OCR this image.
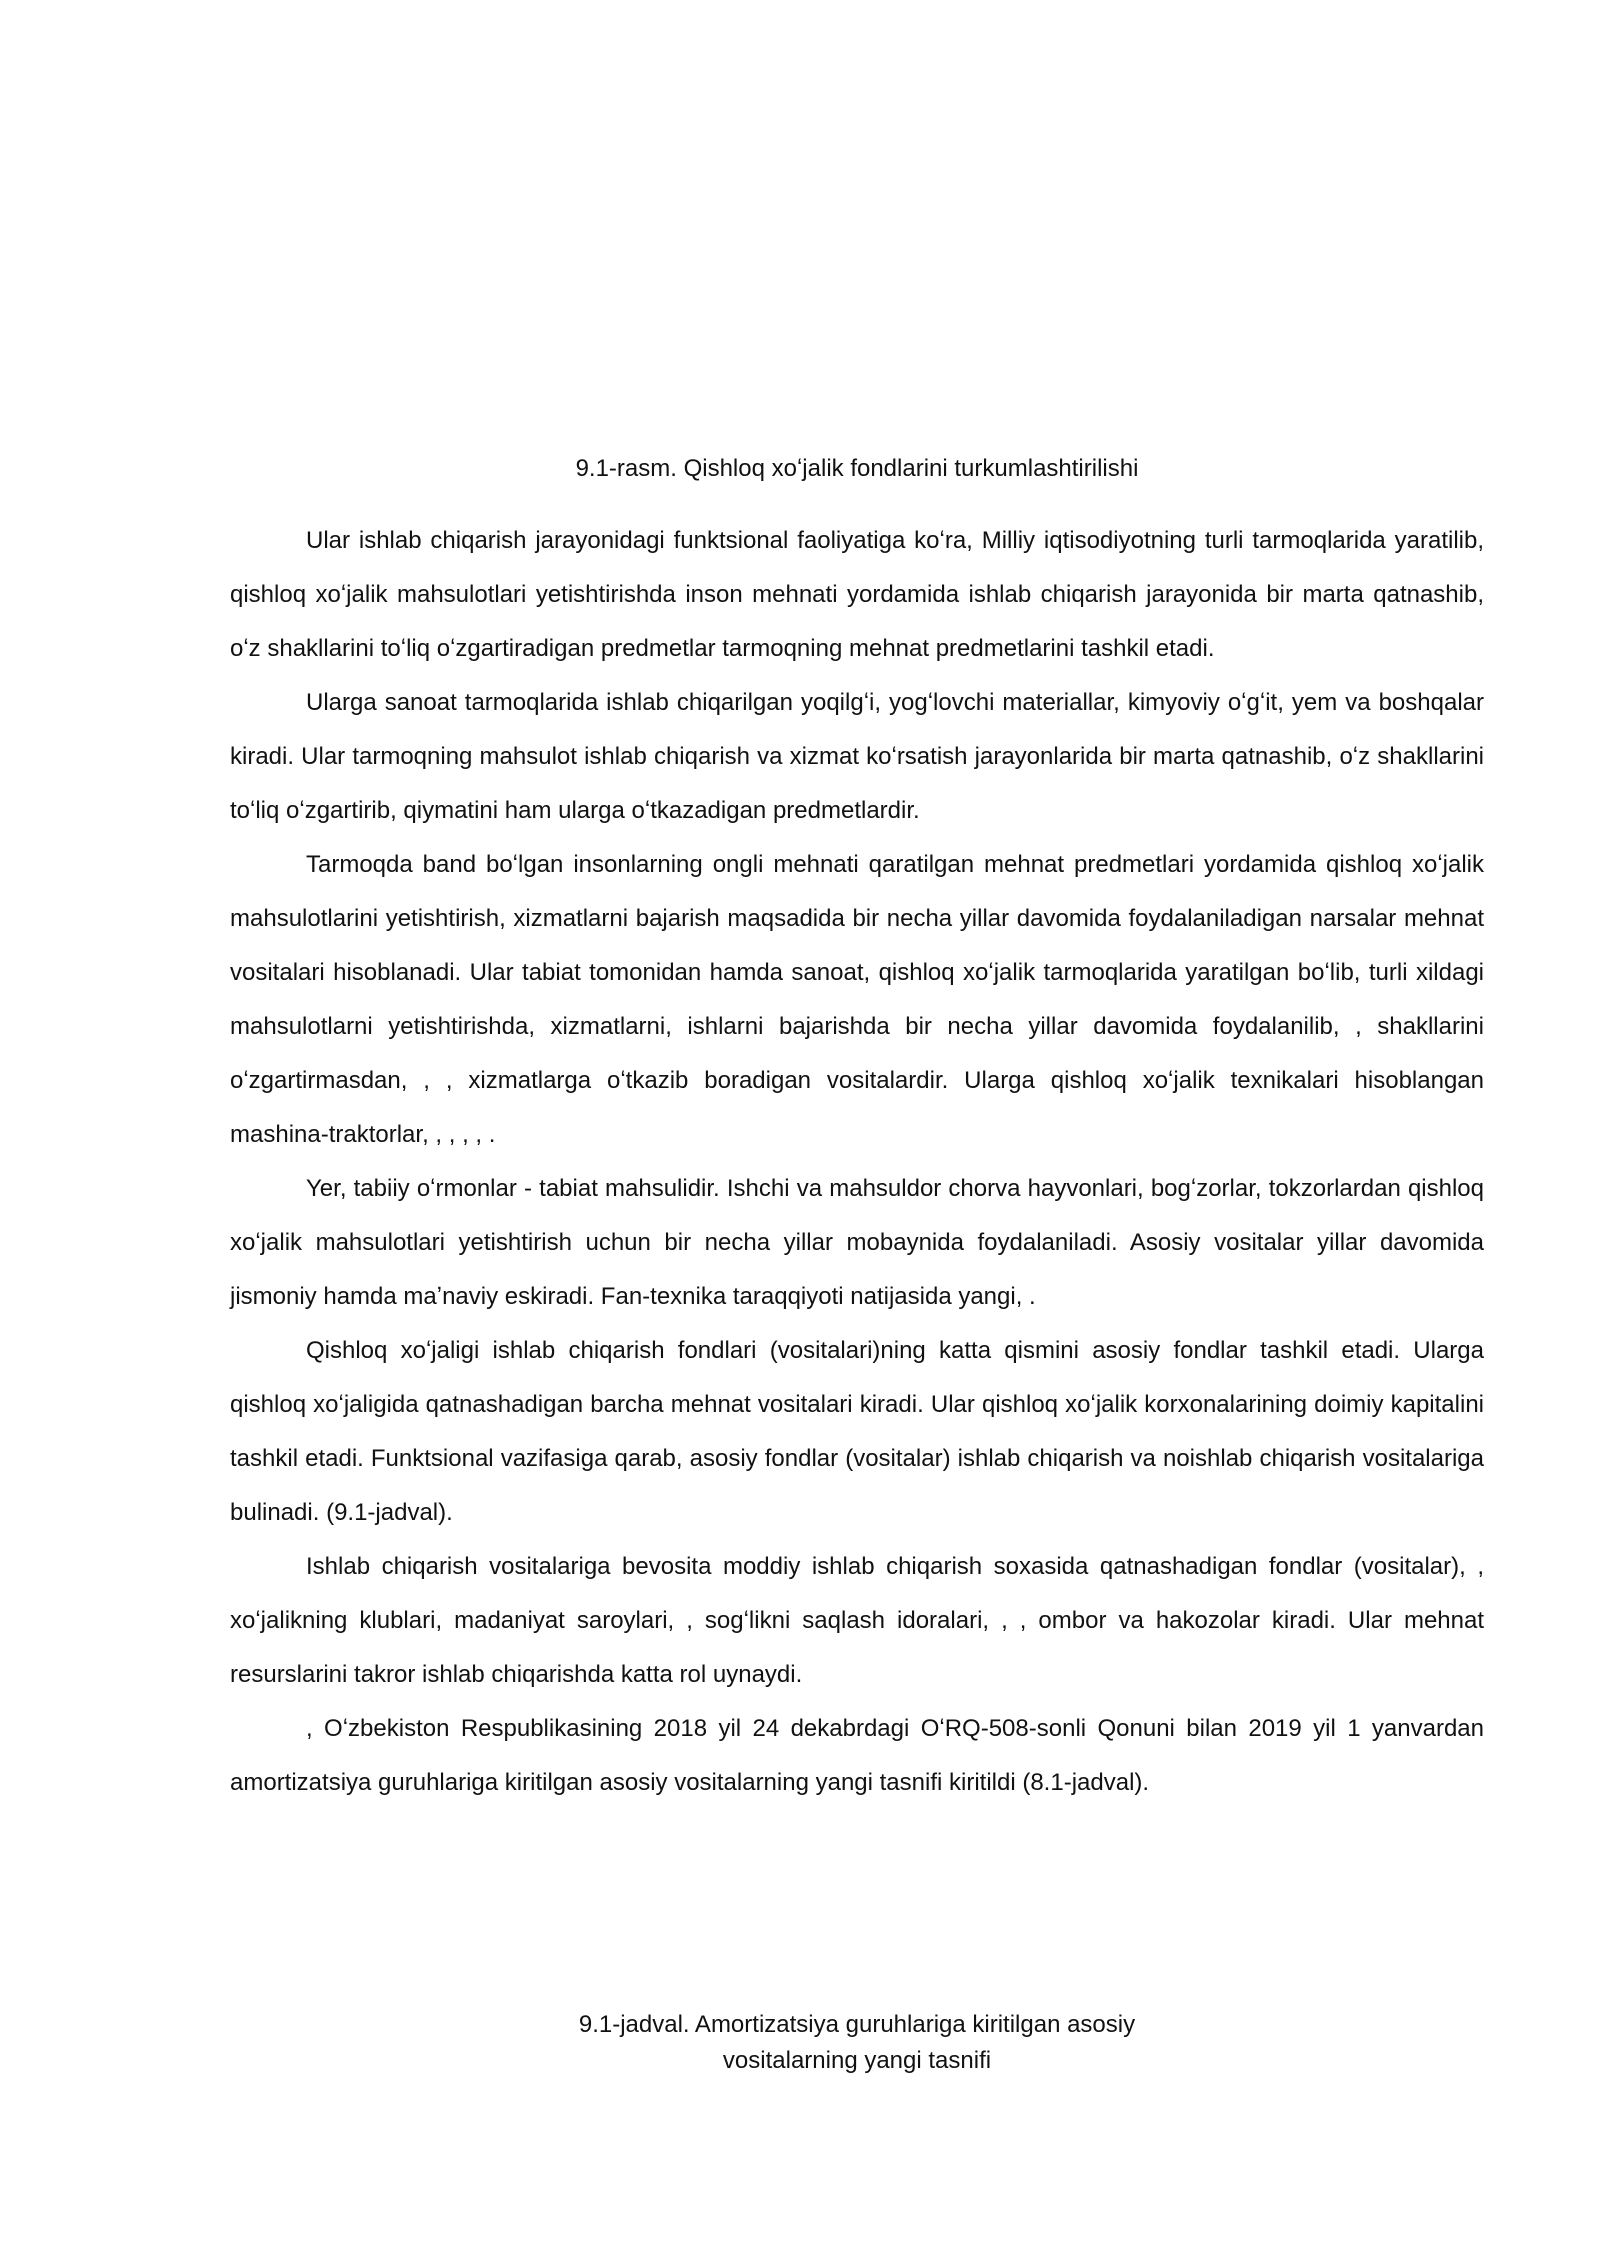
9.1-rasm. Qishloq xoʻjalik fondlarini turkumlashtirilishi

Ular ishlab chiqarish jarayonidagi funktsional faoliyatiga koʻra, Milliy iqtisodiyotning turli tarmoqlarida yaratilib, qishloq xoʻjalik mahsulotlari yetishtirishda inson mehnati yordamida ishlab chiqarish jarayonida bir marta qatnashib, oʻz shakllarini toʻliq oʻzgartiradigan predmetlar tarmoqning mehnat predmetlarini tashkil etadi.

Ularga sanoat tarmoqlarida ishlab chiqarilgan yoqilgʻi, yogʻlovchi materiallar, kimyoviy oʻgʻit, yem va boshqalar kiradi. Ular tarmoqning mahsulot ishlab chiqarish va xizmat koʻrsatish jarayonlarida bir marta qatnashib, oʻz shakllarini toʻliq oʻzgartirib, qiymatini ham ularga oʻtkazadigan predmetlardir.

Tarmoqda band boʻlgan insonlarning ongli mehnati qaratilgan mehnat predmetlari yordamida qishloq xoʻjalik mahsulotlarini yetishtirish, xizmatlarni bajarish maqsadida bir necha yillar davomida foydalaniladigan narsalar mehnat vositalari hisoblanadi. Ular tabiat tomonidan hamda sanoat, qishloq xoʻjalik tarmoqlarida yaratilgan boʻlib, turli xildagi mahsulotlarni yetishtirishda, xizmatlarni, ishlarni bajarishda bir necha yillar davomida foydalanilib, , shakllarini oʻzgartirmasdan, , , xizmatlarga oʻtkazib boradigan vositalardir. Ularga qishloq xoʻjalik texnikalari hisoblangan mashina-traktorlar, , , , , .

Yer, tabiiy oʻrmonlar - tabiat mahsulidir. Ishchi va mahsuldor chorva hayvonlari, bogʻzorlar, tokzorlardan qishloq xoʻjalik mahsulotlari yetishtirish uchun bir necha yillar mobaynida foydalaniladi. Asosiy vositalar yillar davomida jismoniy hamda maʼnaviy eskiradi. Fan-texnika taraqqiyoti natijasida yangi, .

Qishloq xoʻjaligi ishlab chiqarish fondlari (vositalari)ning katta qismini asosiy fondlar tashkil etadi. Ularga qishloq xoʻjaligida qatnashadigan barcha mehnat vositalari kiradi. Ular qishloq xoʻjalik korxonalarining doimiy kapitalini tashkil etadi. Funktsional vazifasiga qarab, asosiy fondlar (vositalar) ishlab chiqarish va noishlab chiqarish vositalariga bulinadi. (9.1-jadval).

Ishlab chiqarish vositalariga bevosita moddiy ishlab chiqarish soxasida qatnashadigan fondlar (vositalar), , xoʻjalikning klublari, madaniyat saroylari, , sogʻlikni saqlash idoralari, , , ombor va hakozolar kiradi. Ular mehnat resurslarini takror ishlab chiqarishda katta rol uynaydi.

, Oʻzbekiston Respublikasining 2018 yil 24 dekabrdagi OʻRQ-508-sonli Qonuni bilan 2019 yil 1 yanvardan amortizatsiya guruhlariga kiritilgan asosiy vositalarning yangi tasnifi kiritildi (8.1-jadval).

9.1-jadval. Amortizatsiya guruhlariga kiritilgan asosiy
vositalarning yangi tasnifi
